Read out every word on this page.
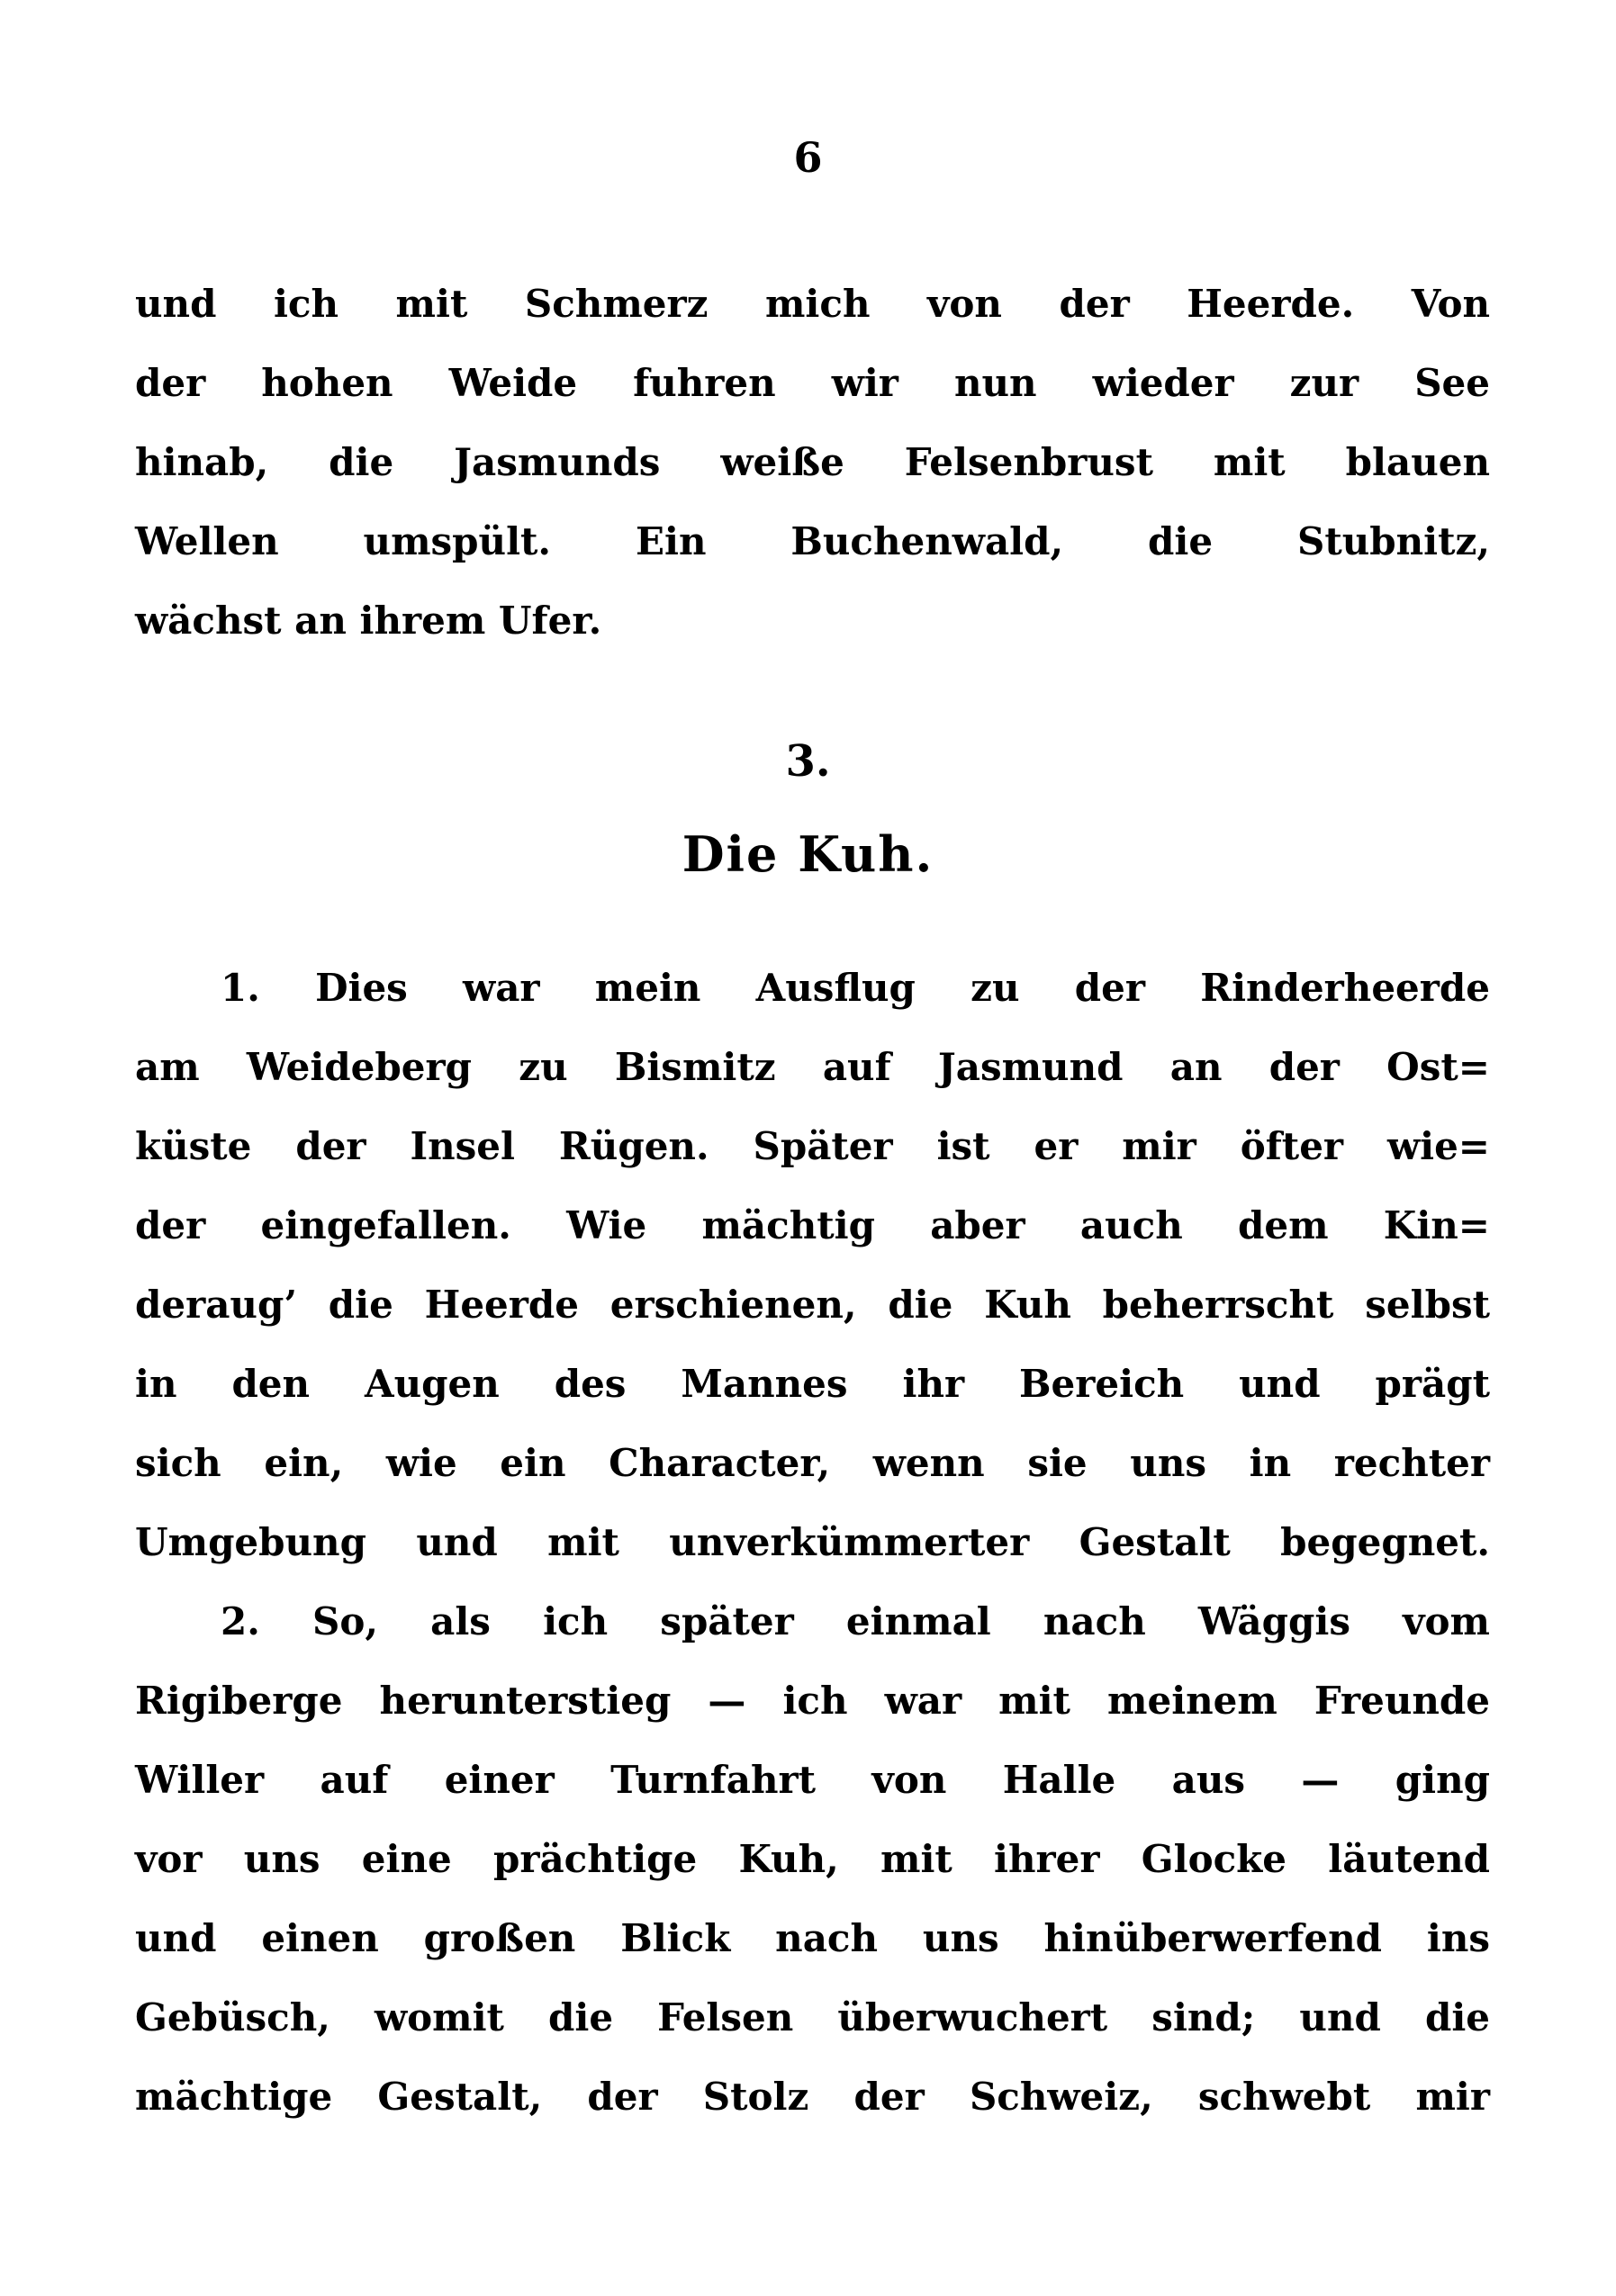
6
und ich mit Schmerz mich von der Heerde. Von
der hohen Weide fuhren wir nun wieder zur See
hinab, die Jasmunds weiße Felsenbrust mit blauen
Wellen umspült. Ein Buchenwald, die Stubnitz,
wächst an ihrem Ufer.
3.
Die Kuh.
1. Dies war mein Ausflug zu der Rinderheerde
am Weideberg zu Bismitz auf Jasmund an der Ost=
küste der Insel Rügen. Später ist er mir öfter wie=
der eingefallen. Wie mächtig aber auch dem Kin=
deraug’ die Heerde erschienen, die Kuh beherrscht selbst
in den Augen des Mannes ihr Bereich und prägt
sich ein, wie ein Character, wenn sie uns in rechter
Umgebung und mit unverkümmerter Gestalt begegnet.
2. So, als ich später einmal nach Wäggis vom
Rigiberge herunterstieg — ich war mit meinem Freunde
Willer auf einer Turnfahrt von Halle aus — ging
vor uns eine prächtige Kuh, mit ihrer Glocke läutend
und einen großen Blick nach uns hinüberwerfend ins
Gebüsch, womit die Felsen überwuchert sind; und die
mächtige Gestalt, der Stolz der Schweiz, schwebt mir
